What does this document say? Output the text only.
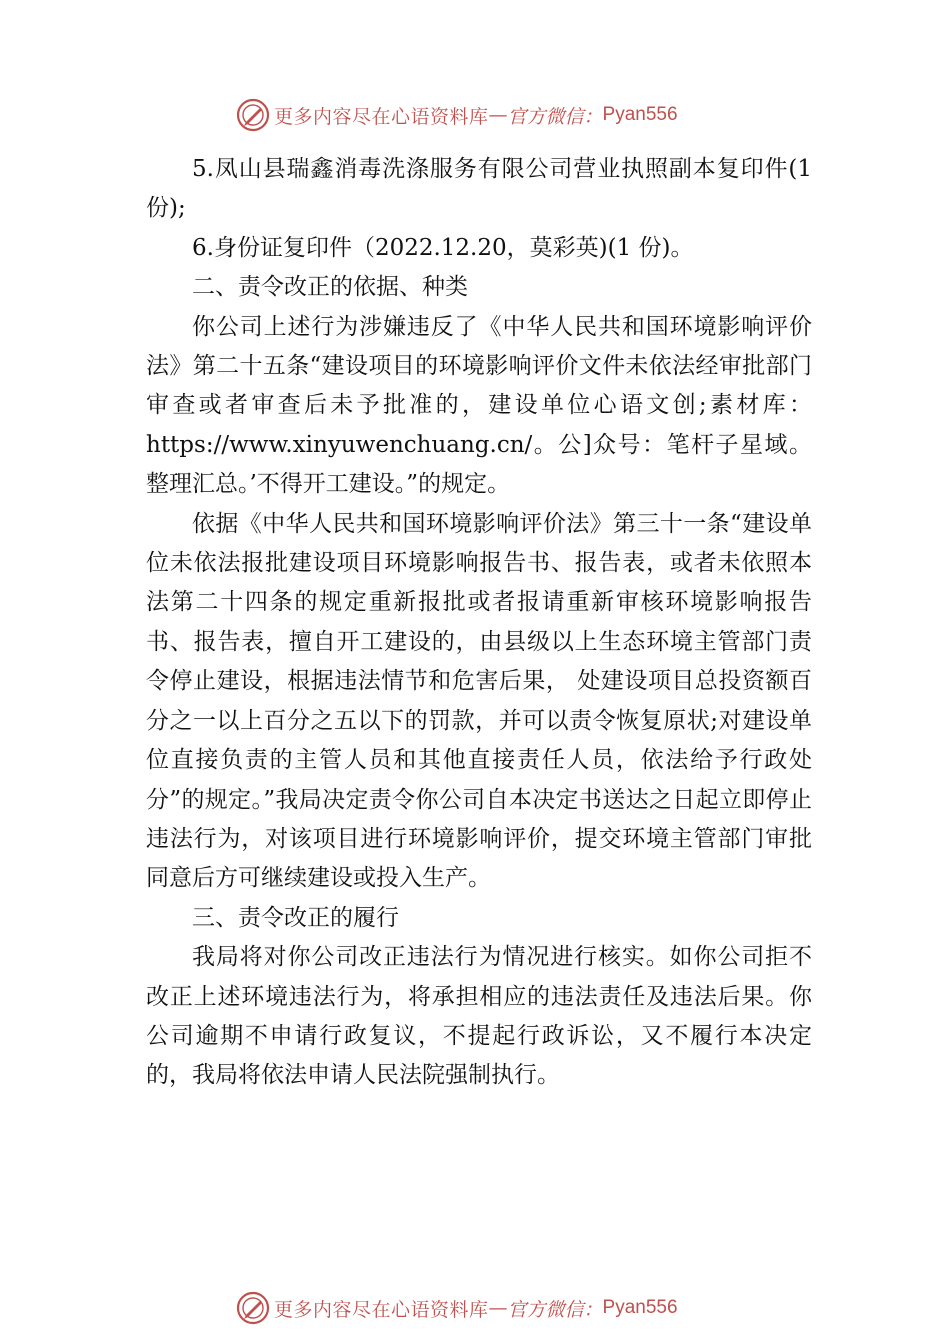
更多内容尽在心语资料库 — 官方微信： Pyan556

5.凤山县瑞鑫消毒洗涤服务有限公司营业执照副本复印件(1 份);

6.身份证复印件（2022.12.20，莫彩英)(1 份)。

二、责令改正的依据、种类

你公司上述行为涉嫌违反了《中华人民共和国环境影响评价法》第二十五条“建设项目的环境影响评价文件未依法经审批部门审查或者审查后未予批准的，建设单位心语文创;素材库：https://www.xinyuwenchuang.cn/。公]众号：笔杆子星域。整理汇总。’不得开工建设。”的规定。

依据《中华人民共和国环境影响评价法》第三十一条“建设单位未依法报批建设项目环境影响报告书、报告表，或者未依照本法第二十四条的规定重新报批或者报请重新审核环境影响报告书、报告表，擅自开工建设的，由县级以上生态环境主管部门责令停止建设，根据违法情节和危害后果， 处建设项目总投资额百分之一以上百分之五以下的罚款，并可以责令恢复原状;对建设单位直接负责的主管人员和其他直接责任人员，依法给予行政处分”的规定。”我局决定责令你公司自本决定书送达之日起立即停止违法行为，对该项目进行环境影响评价，提交环境主管部门审批同意后方可继续建设或投入生产。

三、责令改正的履行

我局将对你公司改正违法行为情况进行核实。如你公司拒不改正上述环境违法行为，将承担相应的违法责任及违法后果。你公司逾期不申请行政复议，不提起行政诉讼，又不履行本决定的，我局将依法申请人民法院强制执行。

更多内容尽在心语资料库 — 官方微信： Pyan556
